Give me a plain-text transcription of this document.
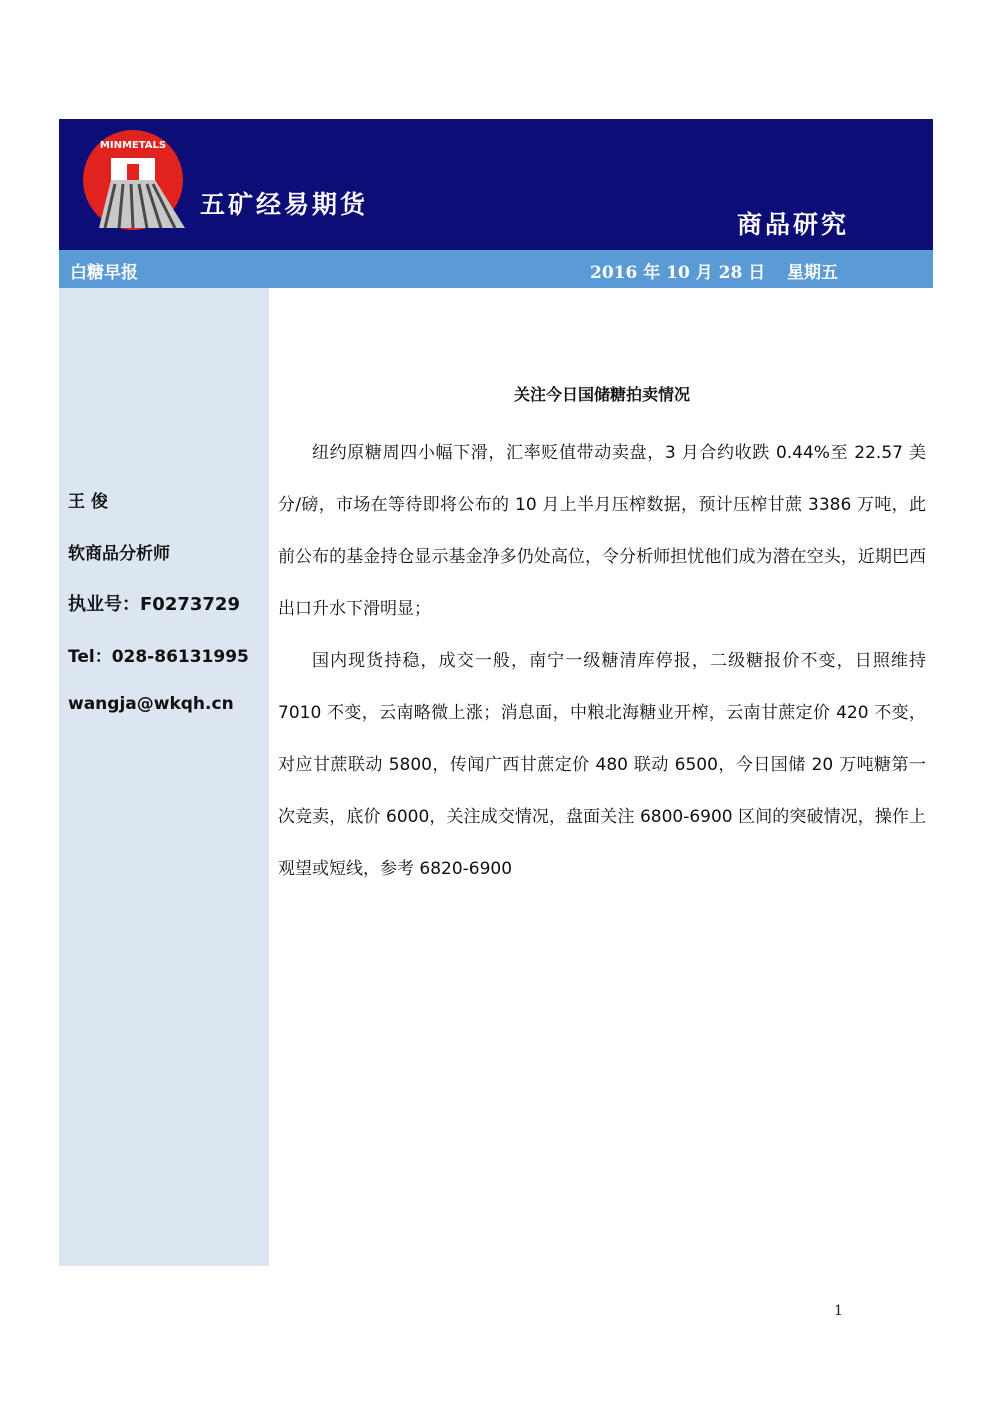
MINMETALS
五矿经易期货
商品研究
白糖早报	2016 年 10 月 28 日 星期五
王 俊
软商品分析师
执业号：F0273729
Tel：028-86131995
wangja@wkqh.cn
关注今日国储糖拍卖情况

纽约原糖周四小幅下滑，汇率贬值带动卖盘，3 月合约收跌 0.44%至 22.57 美分/磅，市场在等待即将公布的 10 月上半月压榨数据，预计压榨甘蔗 3386 万吨，此前公布的基金持仓显示基金净多仍处高位，令分析师担忧他们成为潜在空头，近期巴西出口升水下滑明显；

国内现货持稳，成交一般，南宁一级糖清库停报，二级糖报价不变，日照维持 7010 不变，云南略微上涨；消息面，中粮北海糖业开榨，云南甘蔗定价 420 不变，对应甘蔗联动 5800，传闻广西甘蔗定价 480 联动 6500，今日国储 20 万吨糖第一次竞卖，底价 6000，关注成交情况，盘面关注 6800-6900 区间的突破情况，操作上观望或短线，参考 6820-6900

1
